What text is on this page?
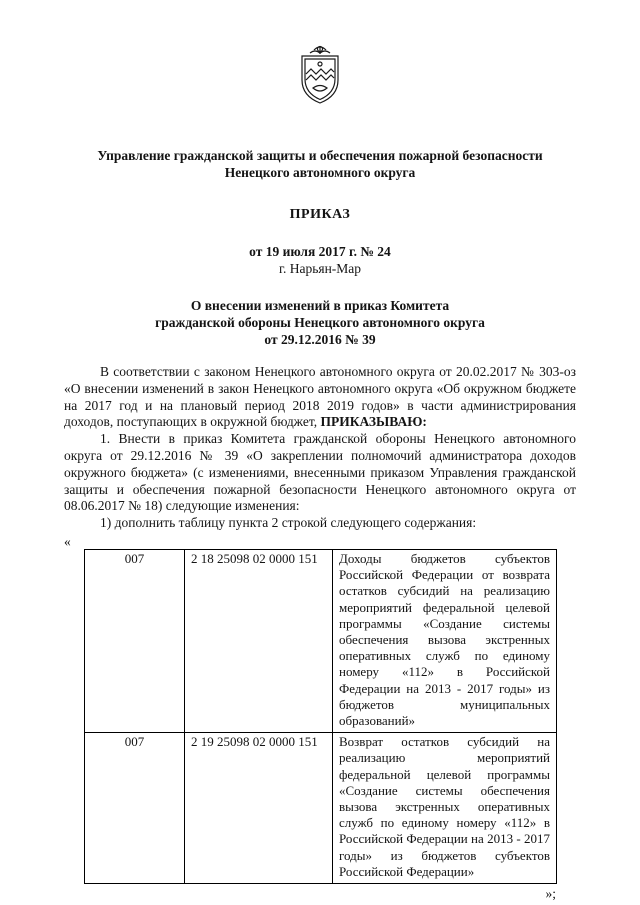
Управление гражданской защиты и обеспечения пожарной безопасности
Ненецкого автономного округа
ПРИКАЗ
от 19 июля 2017 г. № 24
г. Нарьян-Мар
О внесении изменений в приказ Комитета
гражданской обороны Ненецкого автономного округа
от 29.12.2016 № 39

В соответствии с законом Ненецкого автономного округа от 20.02.2017 № 303-оз «О внесении изменений в закон Ненецкого автономного округа «Об окружном бюджете на 2017 год и на плановый период 2018 2019 годов» в части администрирования доходов, поступающих в окружной бюджет, ПРИКАЗЫВАЮ:

1. Внести в приказ Комитета гражданской обороны Ненецкого автономного округа от 29.12.2016 № 39 «О закреплении полномочий администратора доходов окружного бюджета» (с изменениями, внесенными приказом Управления гражданской защиты и обеспечения пожарной безопасности Ненецкого автономного округа от 08.06.2017 № 18) следующие изменения:

1) дополнить таблицу пункта 2 строкой следующего содержания:

«
007	2 18 25098 02 0000 151	Доходы бюджетов субъектов Российской Федерации от возврата остатков субсидий на реализацию мероприятий федеральной целевой программы «Создание системы обеспечения вызова экстренных оперативных служб по единому номеру «112» в Российской Федерации на 2013 - 2017 годы» из бюджетов муниципальных образований»
007	2 19 25098 02 0000 151	Возврат остатков субсидий на реализацию мероприятий федеральной целевой программы «Создание системы обеспечения вызова экстренных оперативных служб по единому номеру «112» в Российской Федерации на 2013 - 2017 годы» из бюджетов субъектов Российской Федерации»
»;
